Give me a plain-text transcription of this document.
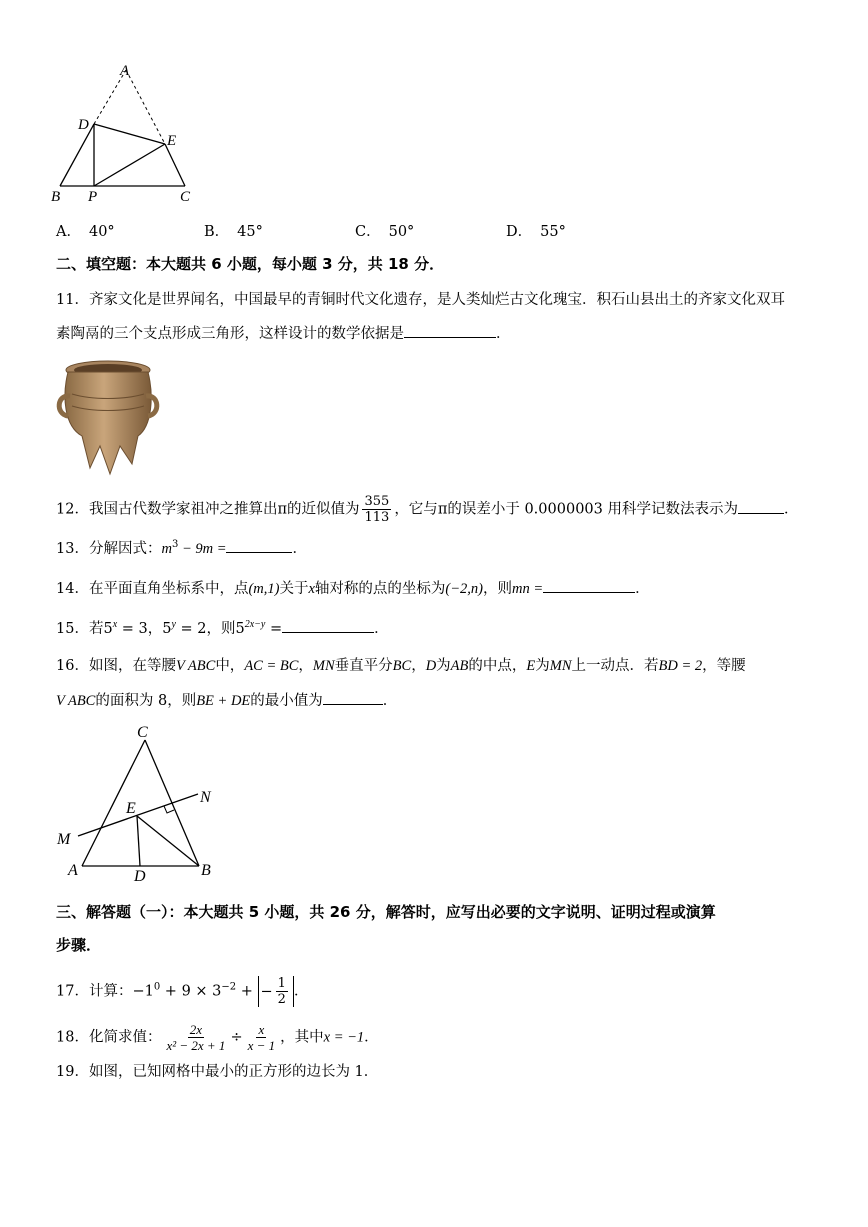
A
D
E
B P	C
A． 40°	B． 45°	C． 50°	D． 55°
二、填空题：本大题共 6 小题，每小题 3 分，共 18 分．
11．齐家文化是世界闻名，中国最早的青铜时代文化遗存，是人类灿烂古文化瑰宝．积石山县出土的齐家文化双耳
素陶鬲的三个支点形成三角形，这样设计的数学依据是	．
12．我国古代数学家祖冲之推算出π的近似值为 $\frac{355}{113}$ ，它与π的误差小于 0.0000003 用科学记数法表示为	．
13．分解因式：$m^3 - 9m$ =	．
14．在平面直角坐标系中，点(m,1)关于x轴对称的点的坐标为(−2,n)，则mn =	．
15．若$5^x = 3$，$5^y = 2$，则$5^{2x-y}$ =	．
16．如图，在等腰V ABC中，AC = BC，MN垂直平分BC，D为AB的中点，E为MN上一动点．若BD = 2，等腰
V ABC的面积为 8，则BE + DE的最小值为	．
C
N
E
M
A	D	B
三、解答题（一）：本大题共 5 小题，共 26 分，解答时，应写出必要的文字说明、证明过程或演算
步骤．
17．计算：$-1^0 + 9 \times 3^{-2}$ + − $\frac{1}{2}$ ．
18．化简求值： $\frac{2x}{\text{x² − 2x + 1}} \div \frac{x}{x - 1}$ ，其中x = −1．
19．如图，已知网格中最小的正方形的边长为 1．
